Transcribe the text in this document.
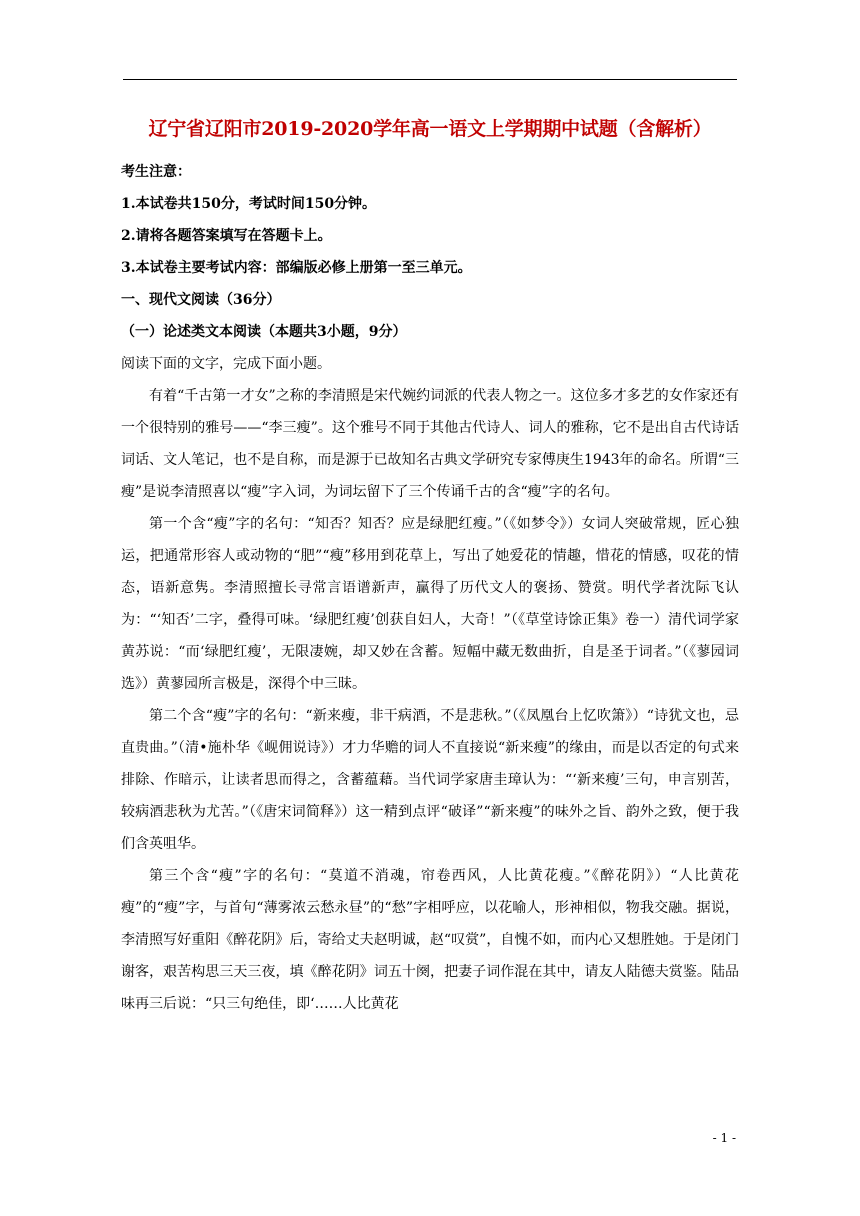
辽宁省辽阳市2019-2020学年高一语文上学期期中试题（含解析）

考生注意：

1.本试卷共150分，考试时间150分钟。

2.请将各题答案填写在答题卡上。

3.本试卷主要考试内容：部编版必修上册第一至三单元。

一、现代文阅读（36分）

（一）论述类文本阅读（本题共3小题，9分）

阅读下面的文字，完成下面小题。

有着“千古第一才女”之称的李清照是宋代婉约词派的代表人物之一。这位多才多艺的女作家还有一个很特别的雅号——“李三瘦”。这个雅号不同于其他古代诗人、词人的雅称，它不是出自古代诗话词话、文人笔记，也不是自称，而是源于已故知名古典文学研究专家傅庚生1943年的命名。所谓“三瘦”是说李清照喜以“瘦”字入词，为词坛留下了三个传诵千古的含“瘦”字的名句。

第一个含“瘦”字的名句：“知否？知否？应是绿肥红瘦。”（《如梦令》）女词人突破常规，匠心独运，把通常形容人或动物的“肥”“瘦”移用到花草上，写出了她爱花的情趣，惜花的情感，叹花的情态，语新意隽。李清照擅长寻常言语谱新声，赢得了历代文人的褒扬、赞赏。明代学者沈际飞认为：“‘知否’二字，叠得可味。‘绿肥红瘦’创获自妇人，大奇！”（《草堂诗馀正集》卷一）清代词学家黄苏说：“而‘绿肥红瘦’，无限凄婉，却又妙在含蓄。短幅中藏无数曲折，自是圣于词者。”（《蓼园词选》）黄蓼园所言极是，深得个中三昧。

第二个含“瘦”字的名句：“新来瘦，非干病酒，不是悲秋。”（《凤凰台上忆吹箫》）“诗犹文也，忌直贵曲。”（清•施朴华《岘佣说诗》）才力华赡的词人不直接说“新来瘦”的缘由，而是以否定的句式来排除、作暗示，让读者思而得之，含蓄蕴藉。当代词学家唐圭璋认为：“‘新来瘦’三句，申言别苦，较病酒悲秋为尤苦。”（《唐宋词简释》）这一精到点评“破译”“新来瘦”的味外之旨、韵外之致，便于我们含英咀华。

第三个含“瘦”字的名句：“莫道不消魂，帘卷西风，人比黄花瘦。”《醉花阴》）“人比黄花瘦”的“瘦”字，与首句“薄雾浓云愁永昼”的“愁”字相呼应，以花喻人，形神相似，物我交融。据说，李清照写好重阳《醉花阴》后，寄给丈夫赵明诚，赵“叹赏”，自愧不如，而内心又想胜她。于是闭门谢客，艰苦构思三天三夜，填《醉花阴》词五十阕，把妻子词作混在其中，请友人陆德夫赏鉴。陆品味再三后说：“只三句绝佳，即‘……人比黄花

- 1 -
